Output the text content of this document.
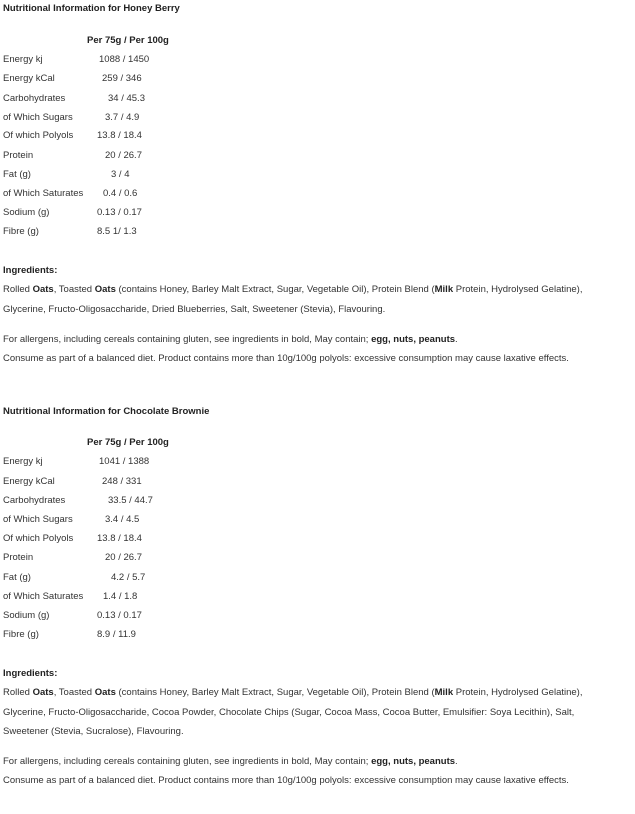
Nutritional Information for Honey Berry
Per 75g / Per 100g
Energy kj	1088 / 1450
Energy kCal	259 / 346
Carbohydrates	34 / 45.3
of Which Sugars	3.7 / 4.9
Of which Polyols	13.8 / 18.4
Protein	20 / 26.7
Fat (g)	3 / 4
of Which Saturates 0.4 / 0.6
Sodium (g)	0.13 / 0.17
Fibre (g)	8.5 1/ 1.3
Ingredients:
Rolled Oats, Toasted Oats (contains Honey, Barley Malt Extract, Sugar, Vegetable Oil), Protein Blend (Milk Protein, Hydrolysed Gelatine), Glycerine, Fructo-Oligosaccharide, Dried Blueberries, Salt, Sweetener (Stevia), Flavouring.
For allergens, including cereals containing gluten, see ingredients in bold, May contain; egg, nuts, peanuts.
Consume as part of a balanced diet. Product contains more than 10g/100g polyols: excessive consumption may cause laxative effects.
Nutritional Information for Chocolate Brownie
Per 75g / Per 100g
Energy kj	1041 / 1388
Energy kCal	248 / 331
Carbohydrates	33.5 / 44.7
of Which Sugars	3.4 / 4.5
Of which Polyols	13.8 / 18.4
Protein	20 / 26.7
Fat (g)	4.2 / 5.7
of Which Saturates 1.4 / 1.8
Sodium (g)	0.13 / 0.17
Fibre (g)	8.9 / 11.9
Ingredients:
Rolled Oats, Toasted Oats (contains Honey, Barley Malt Extract, Sugar, Vegetable Oil), Protein Blend (Milk Protein, Hydrolysed Gelatine), Glycerine, Fructo-Oligosaccharide, Cocoa Powder, Chocolate Chips (Sugar, Cocoa Mass, Cocoa Butter, Emulsifier: Soya Lecithin), Salt, Sweetener (Stevia, Sucralose), Flavouring.
For allergens, including cereals containing gluten, see ingredients in bold, May contain; egg, nuts, peanuts.
Consume as part of a balanced diet. Product contains more than 10g/100g polyols: excessive consumption may cause laxative effects.
